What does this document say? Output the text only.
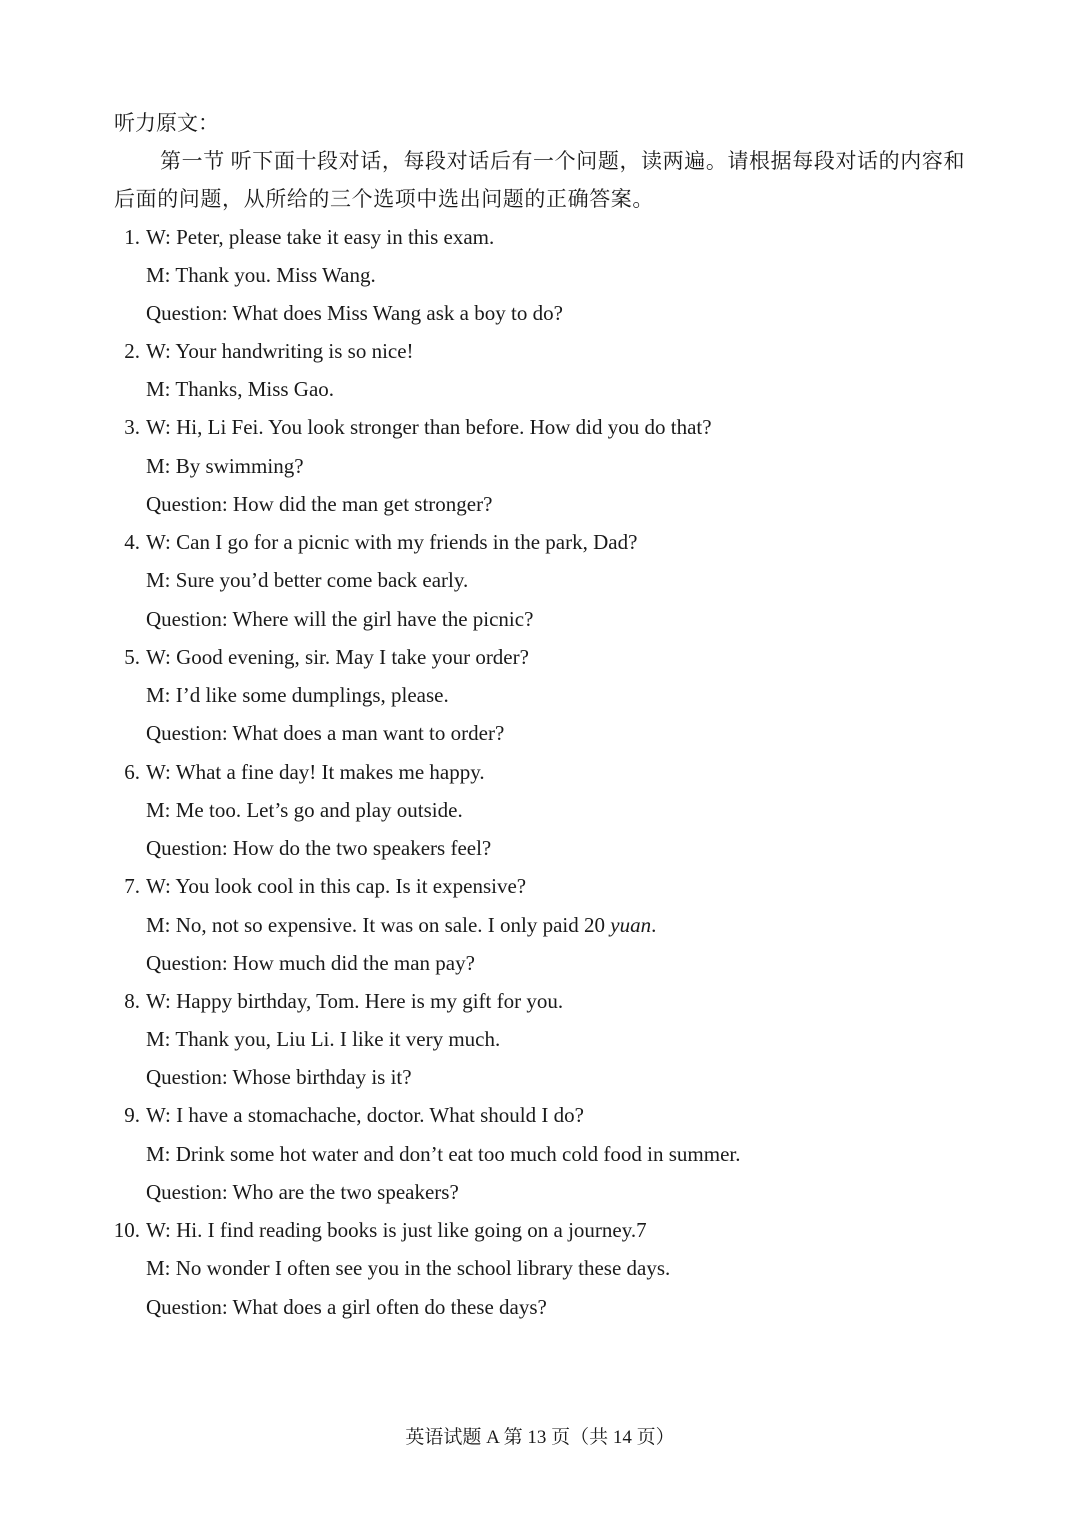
听力原文：
第一节 听下面十段对话，每段对话后有一个问题，读两遍。请根据每段对话的内容和
后面的问题，从所给的三个选项中选出问题的正确答案。
1. W: Peter, please take it easy in this exam.
M: Thank you. Miss Wang.
Question: What does Miss Wang ask a boy to do?
2. W: Your handwriting is so nice!
M: Thanks, Miss Gao.
3. W: Hi, Li Fei. You look stronger than before. How did you do that?
M: By swimming?
Question: How did the man get stronger?
4. W: Can I go for a picnic with my friends in the park, Dad?
M: Sure you’d better come back early.
Question: Where will the girl have the picnic?
5. W: Good evening, sir. May I take your order?
M: I’d like some dumplings, please.
Question: What does a man want to order?
6. W: What a fine day! It makes me happy.
M: Me too. Let’s go and play outside.
Question: How do the two speakers feel?
7. W: You look cool in this cap. Is it expensive?
M: No, not so expensive. It was on sale. I only paid 20 yuan.
Question: How much did the man pay?
8. W: Happy birthday, Tom. Here is my gift for you.
M: Thank you, Liu Li. I like it very much.
Question: Whose birthday is it?
9. W: I have a stomachache, doctor. What should I do?
M: Drink some hot water and don’t eat too much cold food in summer.
Question: Who are the two speakers?
10. W: Hi. I find reading books is just like going on a journey.7
M: No wonder I often see you in the school library these days.
Question: What does a girl often do these days?
英语试题 A 第 13 页（共 14 页）
